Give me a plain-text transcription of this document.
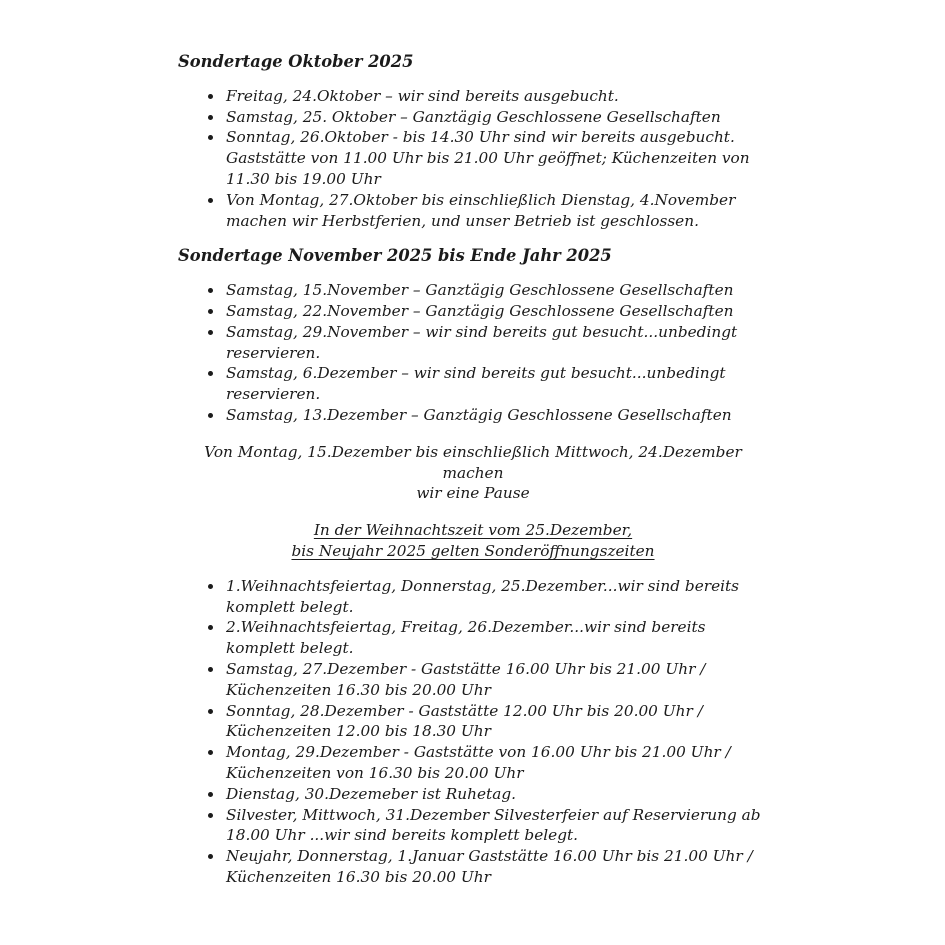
Sondertage Oktober 2025
• Freitag, 24.Oktober – wir sind bereits ausgebucht.
• Samstag, 25. Oktober – Ganztägig Geschlossene Gesellschaften
• Sonntag, 26.Oktober - bis 14.30 Uhr sind wir bereits ausgebucht. Gaststätte von 11.00 Uhr bis 21.00 Uhr geöffnet; Küchenzeiten von 11.30 bis 19.00 Uhr
• Von Montag, 27.Oktober bis einschließlich Dienstag, 4.November machen wir Herbstferien, und unser Betrieb ist geschlossen.
Sondertage November 2025 bis Ende Jahr 2025
• Samstag, 15.November – Ganztägig Geschlossene Gesellschaften
• Samstag, 22.November – Ganztägig Geschlossene Gesellschaften
• Samstag, 29.November – wir sind bereits gut besucht...unbedingt reservieren.
• Samstag, 6.Dezember – wir sind bereits gut besucht...unbedingt reservieren.
• Samstag, 13.Dezember – Ganztägig Geschlossene Gesellschaften

Von Montag, 15.Dezember bis einschließlich Mittwoch, 24.Dezember machen
wir eine Pause

In der Weihnachtszeit vom 25.Dezember,
bis Neujahr 2025 gelten Sonderöffnungszeiten

• 1.Weihnachtsfeiertag, Donnerstag, 25.Dezember...wir sind bereits komplett belegt.
• 2.Weihnachtsfeiertag, Freitag, 26.Dezember...wir sind bereits komplett belegt.
• Samstag, 27.Dezember - Gaststätte 16.00 Uhr bis 21.00 Uhr / Küchenzeiten 16.30 bis 20.00 Uhr
• Sonntag, 28.Dezember - Gaststätte 12.00 Uhr bis 20.00 Uhr / Küchenzeiten 12.00 bis 18.30 Uhr
• Montag, 29.Dezember - Gaststätte von 16.00 Uhr bis 21.00 Uhr / Küchenzeiten von 16.30 bis 20.00 Uhr
• Dienstag, 30.Dezemeber ist Ruhetag.
• Silvester, Mittwoch, 31.Dezember Silvesterfeier auf Reservierung ab 18.00 Uhr ...wir sind bereits komplett belegt.
• Neujahr, Donnerstag, 1.Januar Gaststätte 16.00 Uhr bis 21.00 Uhr / Küchenzeiten 16.30 bis 20.00 Uhr
